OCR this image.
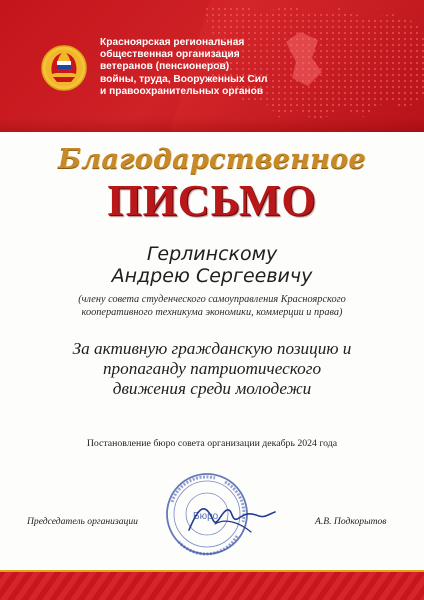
Красноярская региональная
общественная организация
ветеранов (пенсионеров)
войны, труда, Вооруженных Сил
и правоохранительных органов
Благодарственное
ПИСЬМО
Герлинскому
Андрею Сергеевичу
(члену совета студенческого самоуправления Красноярского
кооперативного техникума экономики, коммерции и права)
За активную гражданскую позицию и
пропаганду патриотического
движения среди молодежи
Постановление бюро совета организации декабрь 2024 года
Бюро
Председатель организации	А.В. Подкорытов
